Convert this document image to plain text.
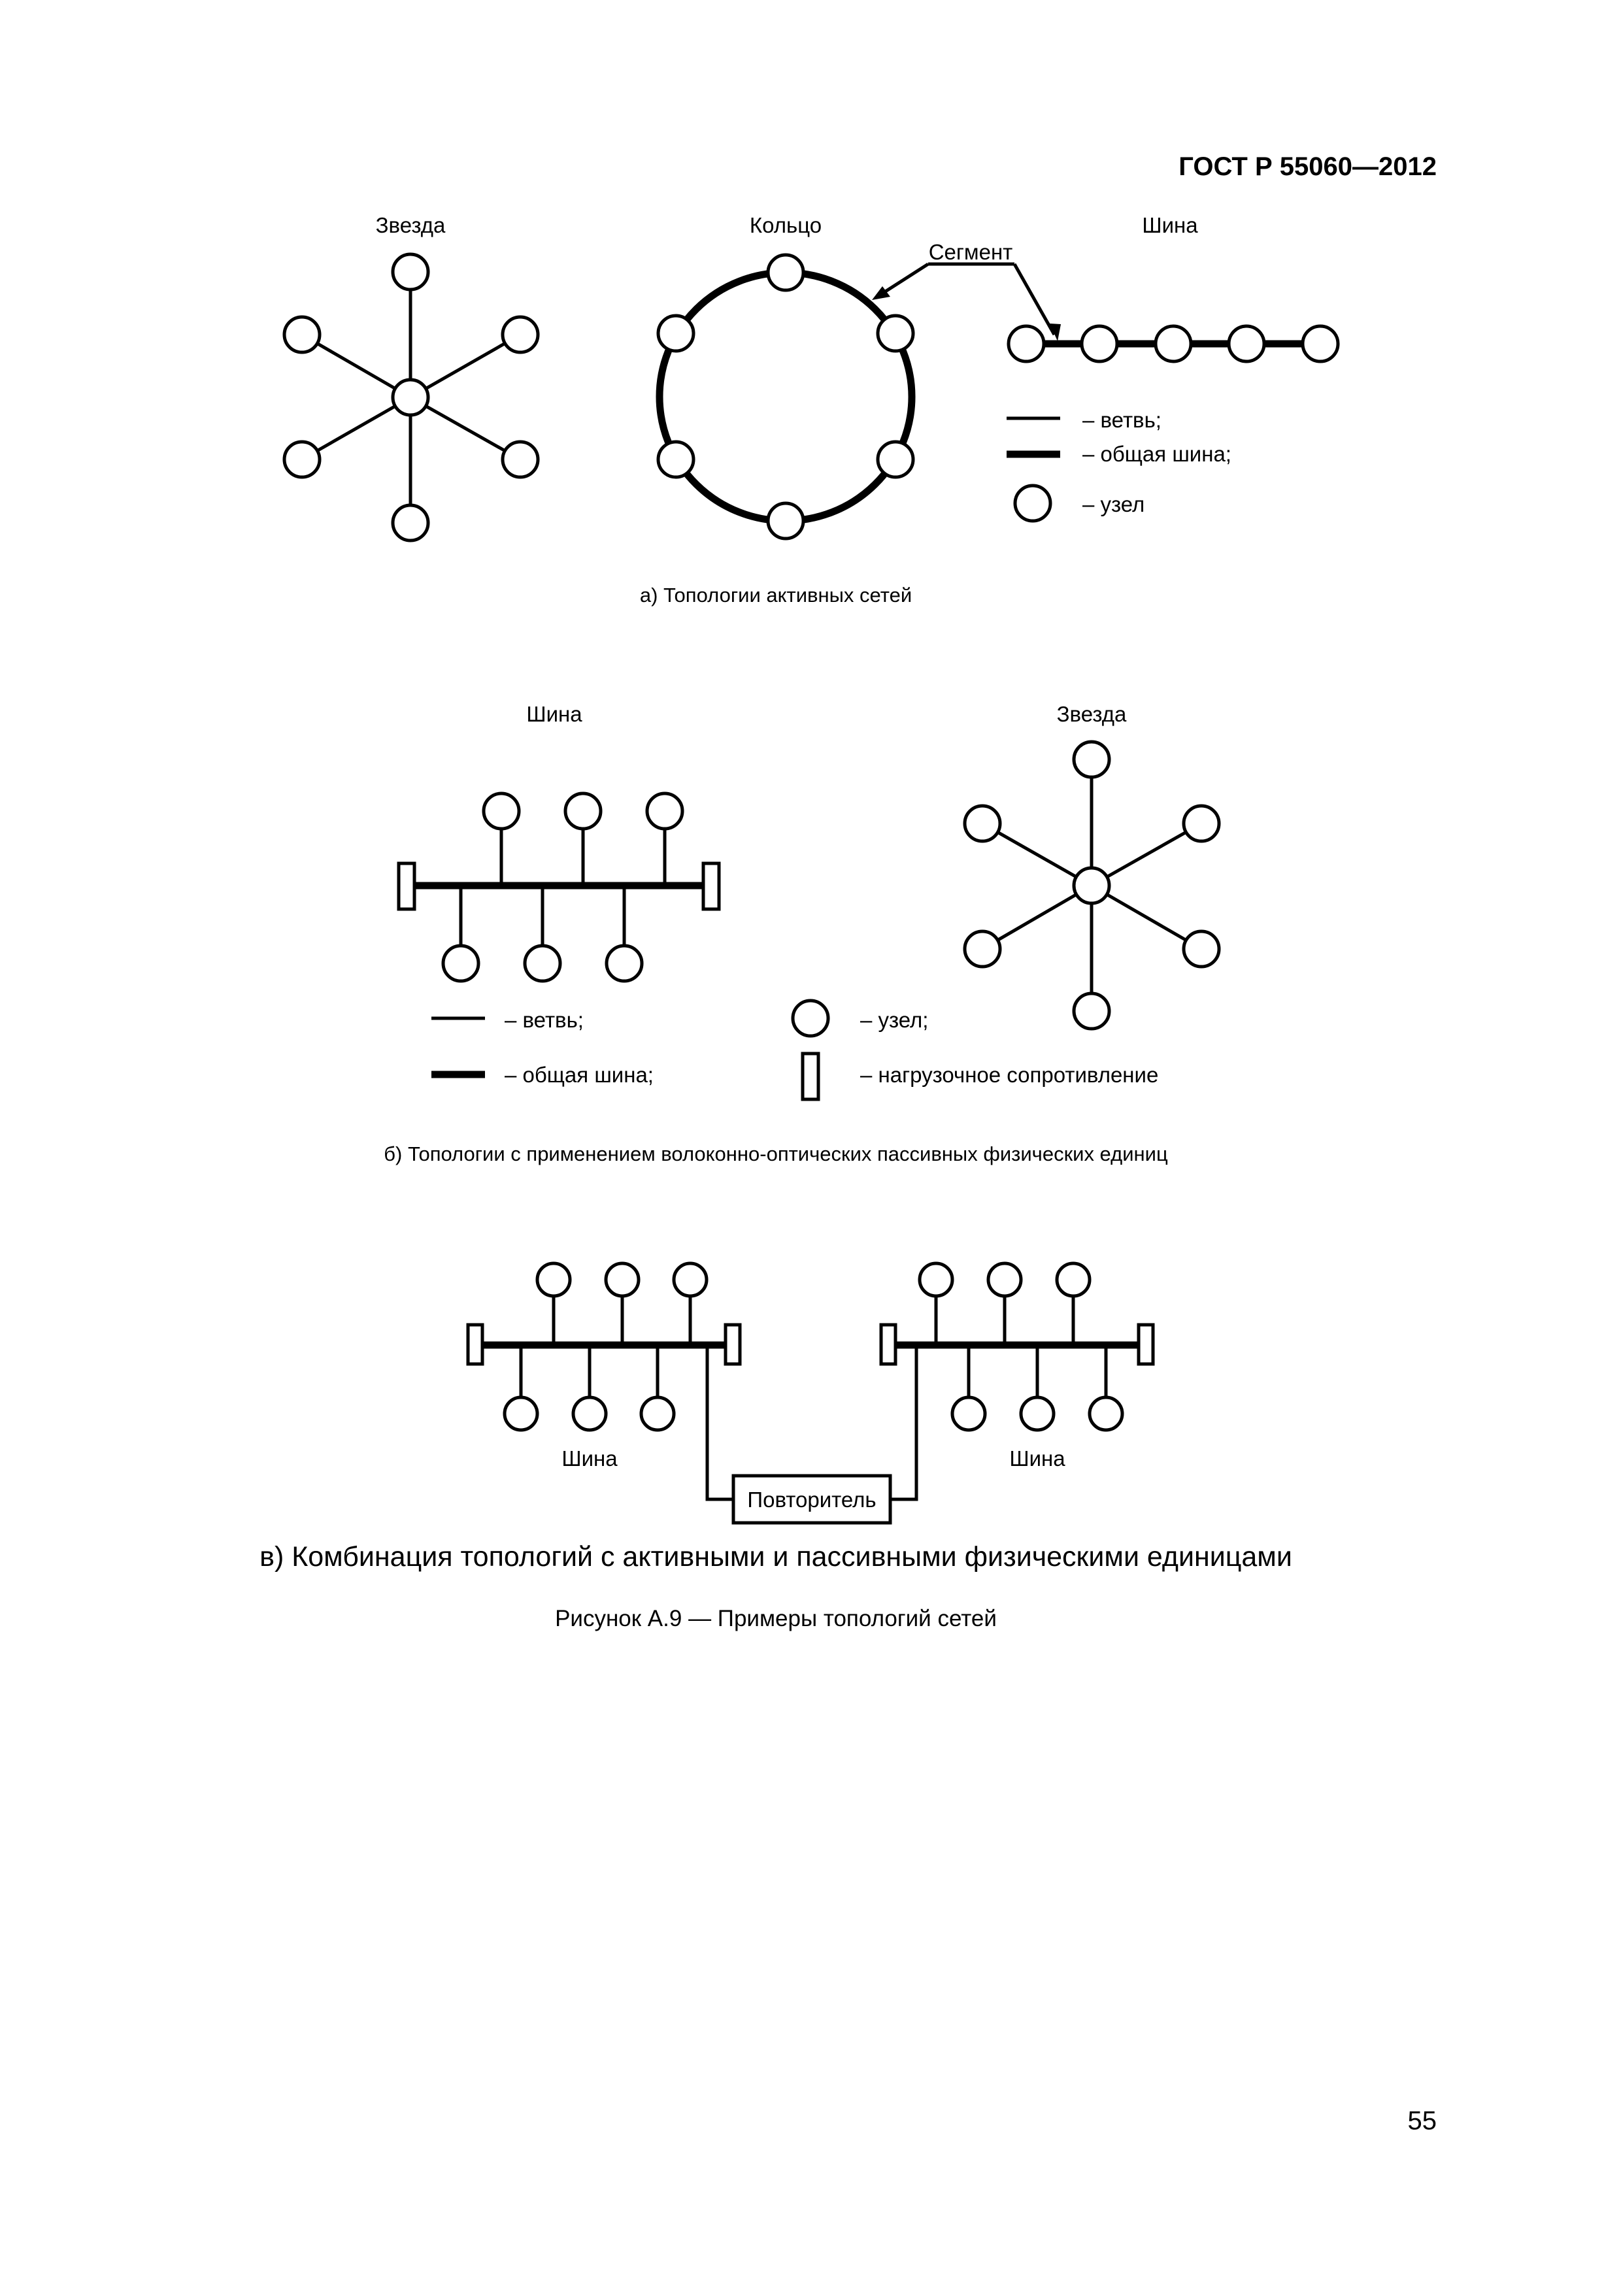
ГОСТ Р 55060—2012
Звезда	Кольцо
Сегмент
Шина
– ветвь;
– общая шина;
– узел
а) Топологии активных сетей
Шина	Звезда
– ветвь;
– общая шина;
– узел;
– нагрузочное сопротивление
б) Топологии с применением волоконно-оптических пассивных физических единиц
Шина	Шина
Повторитель
в) Комбинация топологий с активными и пассивными физическими единицами
Рисунок А.9 — Примеры топологий сетей
55
